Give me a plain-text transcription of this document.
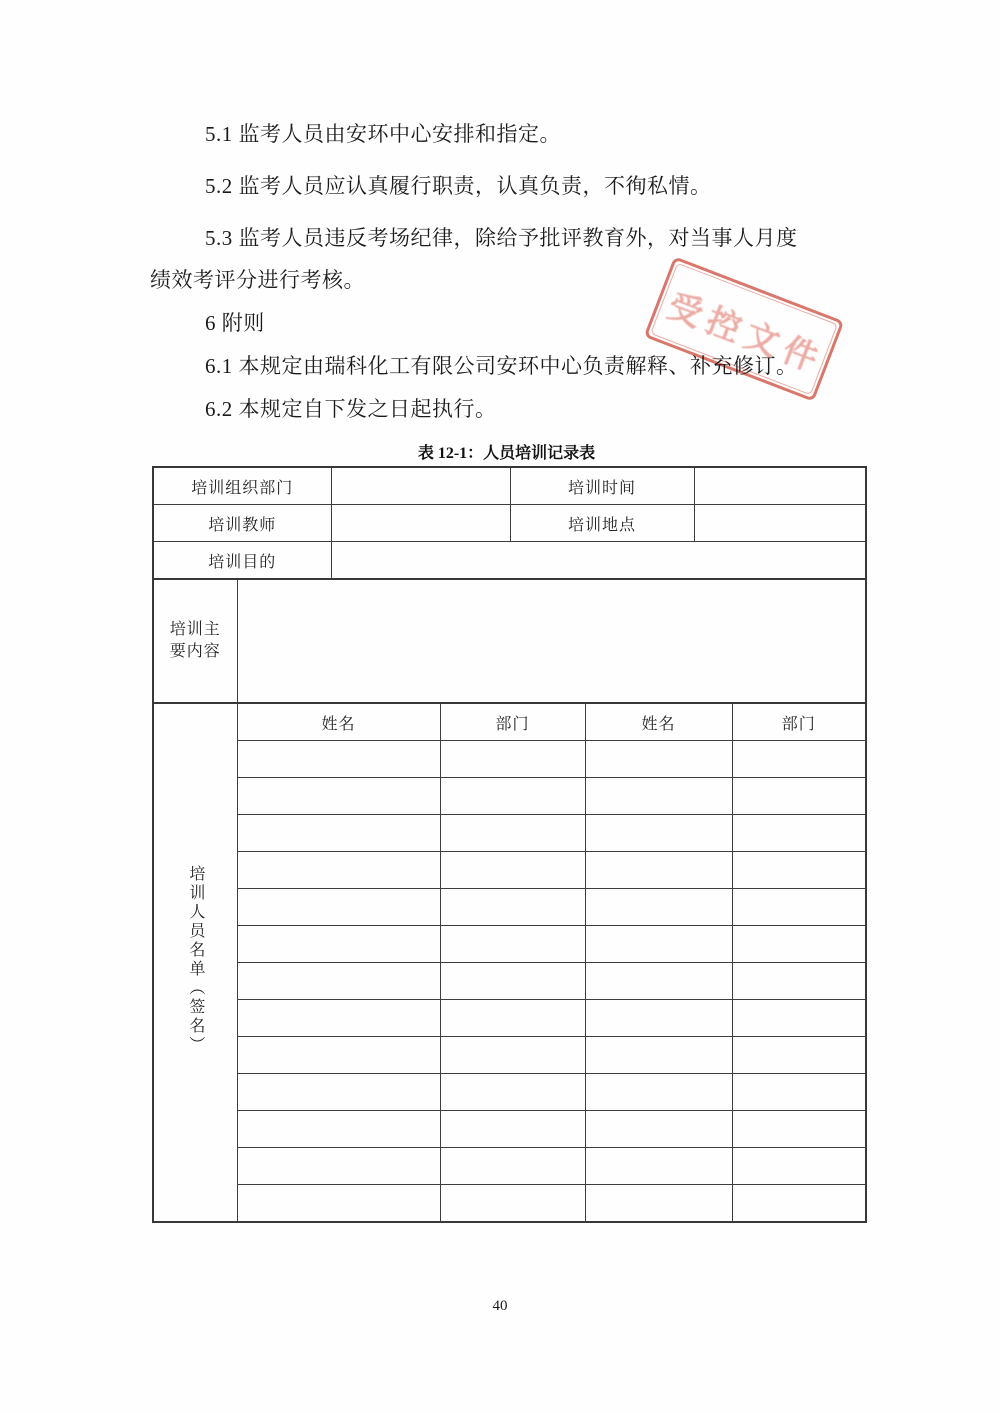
5.1 监考人员由安环中心安排和指定。
5.2 监考人员应认真履行职责，认真负责，不徇私情。
5.3 监考人员违反考场纪律，除给予批评教育外，对当事人月度
绩效考评分进行考核。
6 附则
6.1 本规定由瑞科化工有限公司安环中心负责解释、补充修订。
6.2 本规定自下发之日起执行。
表 12-1：人员培训记录表
培训组织部门		培训时间	
培训教师		培训地点	
培训目的			
培训主要内容	
培训人员名单（签名）	姓名	部门	姓名	部门

受控文件
40
